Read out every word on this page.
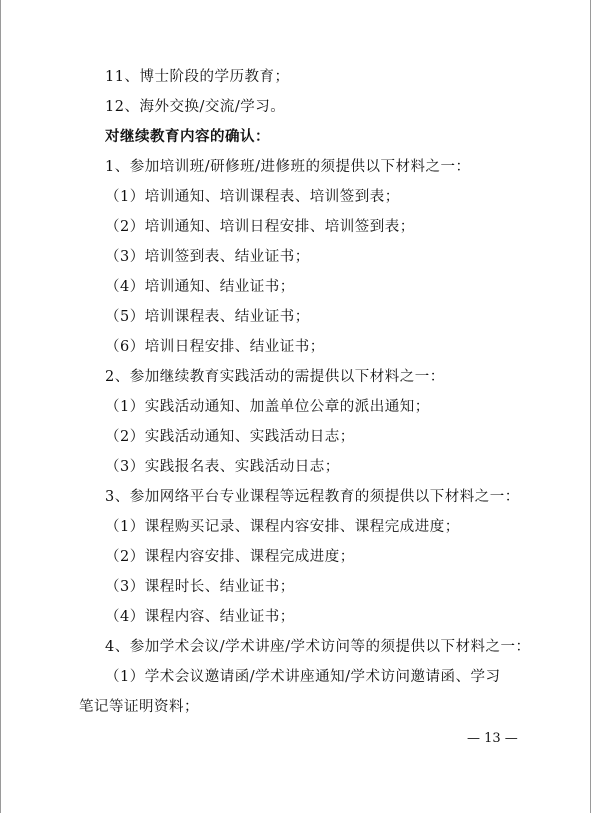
11、博士阶段的学历教育；
12、海外交换/交流/学习。
对继续教育内容的确认：
1、参加培训班/研修班/进修班的须提供以下材料之一：
（1）培训通知、培训课程表、培训签到表；
（2）培训通知、培训日程安排、培训签到表；
（3）培训签到表、结业证书；
（4）培训通知、结业证书；
（5）培训课程表、结业证书；
（6）培训日程安排、结业证书；
2、参加继续教育实践活动的需提供以下材料之一：
（1）实践活动通知、加盖单位公章的派出通知；
（2）实践活动通知、实践活动日志；
（3）实践报名表、实践活动日志；
3、参加网络平台专业课程等远程教育的须提供以下材料之一：
（1）课程购买记录、课程内容安排、课程完成进度；
（2）课程内容安排、课程完成进度；
（3）课程时长、结业证书；
（4）课程内容、结业证书；
4、参加学术会议/学术讲座/学术访问等的须提供以下材料之一：
（1）学术会议邀请函/学术讲座通知/学术访问邀请函、学习
笔记等证明资料；
— 13 —
